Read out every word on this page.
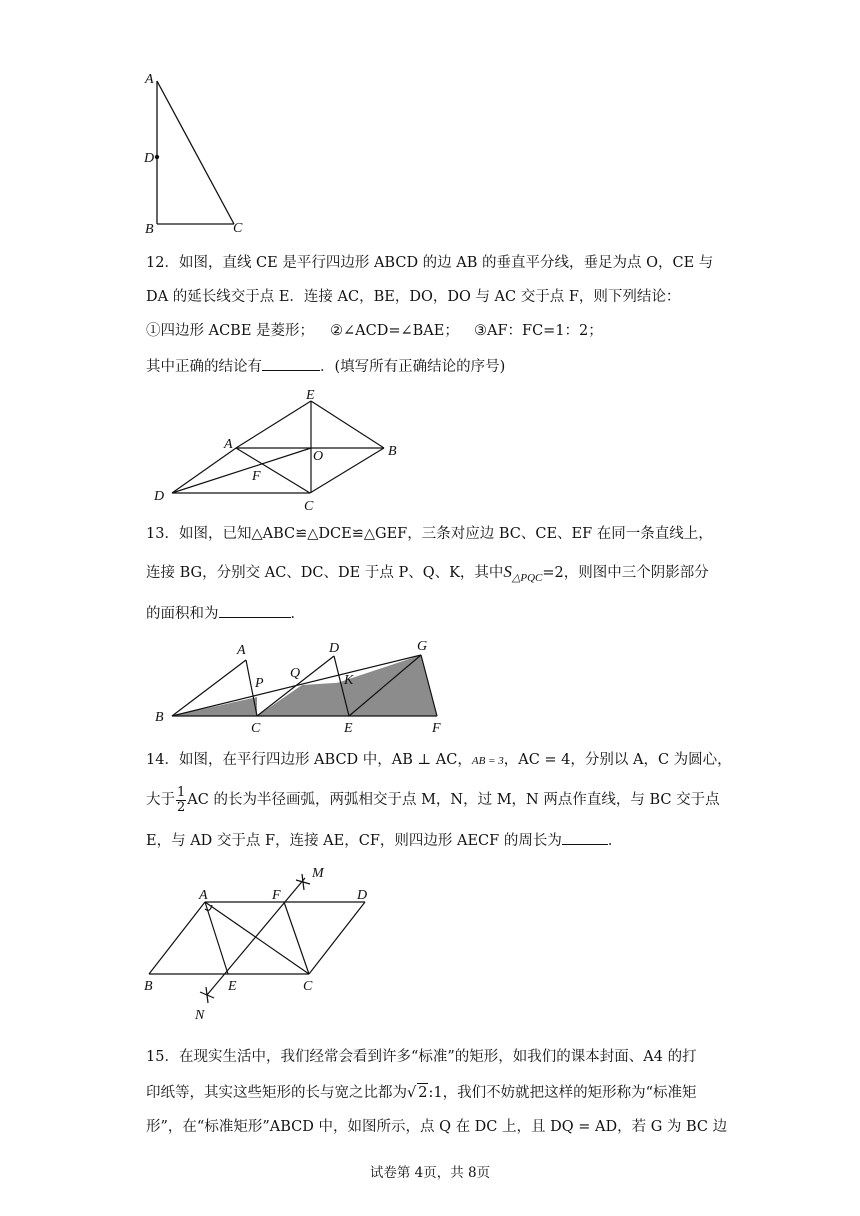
A
D
B	C
12．如图，直线 CE 是平行四边形 ABCD 的边 AB 的垂直平分线，垂足为点 O，CE 与
DA 的延长线交于点 E．连接 AC，BE，DO，DO 与 AC 交于点 F，则下列结论：
①四边形 ACBE 是菱形； ②∠ACD=∠BAE； ③AF：FC=1：2；
其中正确的结论有	．(填写所有正确结论的序号)
E
A	B
O
F
D
C
13．如图，已知△ABC≌△DCE≌△GEF，三条对应边 BC、CE、EF 在同一条直线上，
连接 BG，分别交 AC、DC、DE 于点 P、Q、K，其中$S_{\triangle PQC}=2$，则图中三个阴影部分
的面积和为	．
A	D	G
P
Q	K
B
C	E	F
14．如图，在平行四边形 ABCD 中，AB ⊥ AC，AB = 3，AC = 4，分别以 A，C 为圆心，
大于 $\frac{1}{2}$ AC 的长为半径画弧，两弧相交于点 M，N，过 M，N 两点作直线，与 BC 交于点
E，与 AD 交于点 F，连接 AE，CF，则四边形 AECF 的周长为	．
M
A	F	D
B	E	C
N
15．在现实生活中，我们经常会看到许多“标准”的矩形，如我们的课本封面、A4 的打
印纸等，其实这些矩形的长与宽之比都为√ 2:1，我们不妨就把这样的矩形称为“标准矩
形”，在“标准矩形”ABCD 中，如图所示，点 Q 在 DC 上，且 DQ = AD，若 G 为 BC 边
试卷第 4页，共 8页
